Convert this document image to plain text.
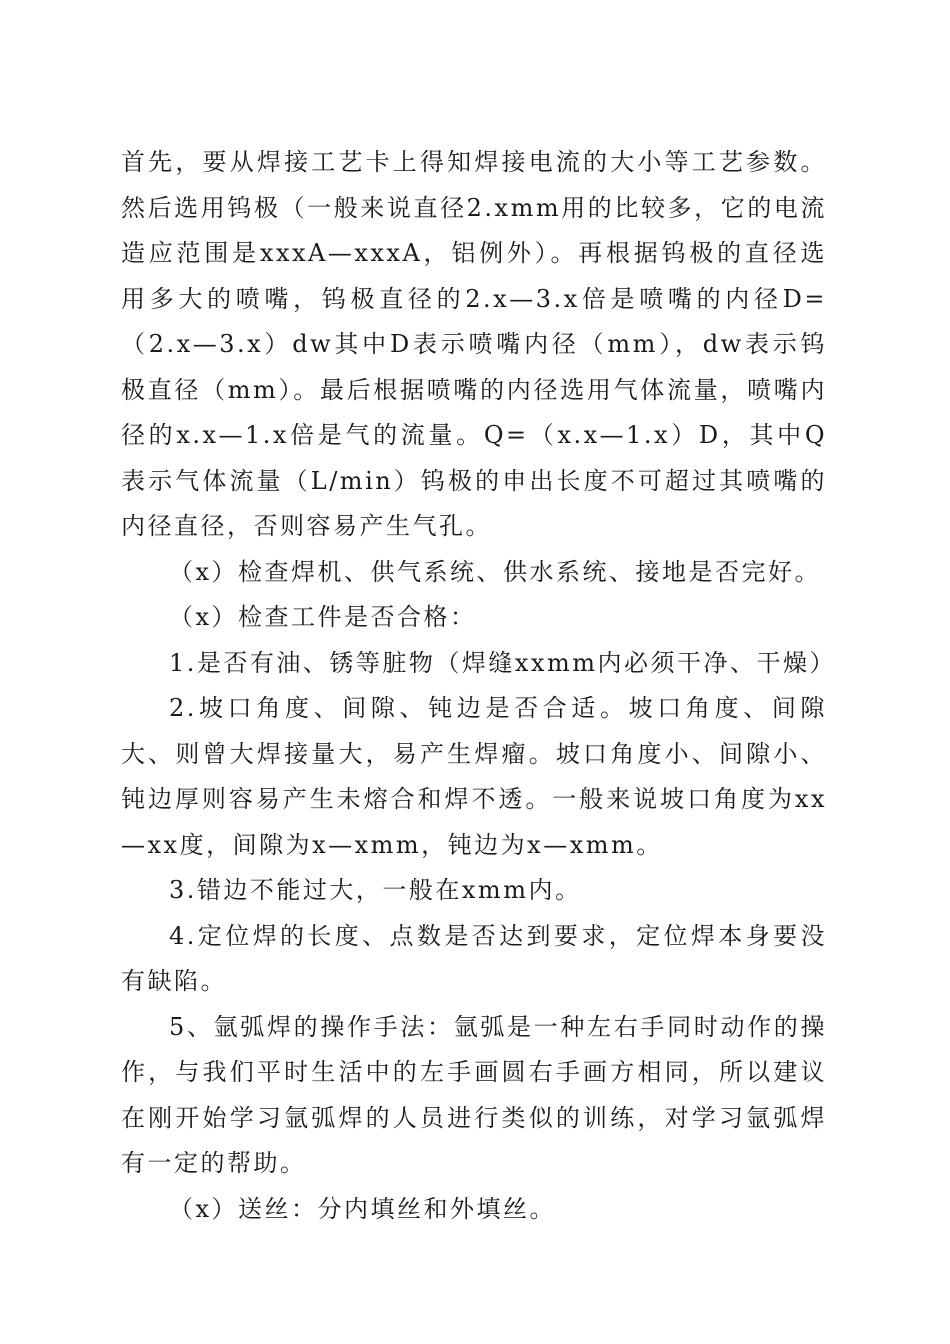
首先，要从焊接工艺卡上得知焊接电流的大小等工艺参数。然后选用钨极（一般来说直径2.xmm用的比较多，它的电流造应范围是xxxA—xxxA，铝例外）。再根据钨极的直径选用多大的喷嘴，钨极直径的2.x—3.x倍是喷嘴的内径D=（2.x—3.x）dw其中D表示喷嘴内径（mm），dw表示钨极直径（mm）。最后根据喷嘴的内径选用气体流量，喷嘴内径的x.x—1.x倍是气的流量。Q=（x.x—1.x）D，其中Q表示气体流量（L/min）钨极的申出长度不可超过其喷嘴的内径直径，否则容易产生气孔。

（x）检查焊机、供气系统、供水系统、接地是否完好。

（x）检查工件是否合格：

1.是否有油、锈等脏物（焊缝xxmm内必须干净、干燥）

2.坡口角度、间隙、钝边是否合适。坡口角度、间隙大、则曾大焊接量大，易产生焊瘤。坡口角度小、间隙小、钝边厚则容易产生未熔合和焊不透。一般来说坡口角度为xx—xx度，间隙为x—xmm，钝边为x—xmm。

3.错边不能过大，一般在xmm内。

4.定位焊的长度、点数是否达到要求，定位焊本身要没有缺陷。

5、氩弧焊的操作手法：氩弧是一种左右手同时动作的操作，与我们平时生活中的左手画圆右手画方相同，所以建议在刚开始学习氩弧焊的人员进行类似的训练，对学习氩弧焊有一定的帮助。

（x）送丝：分内填丝和外填丝。
